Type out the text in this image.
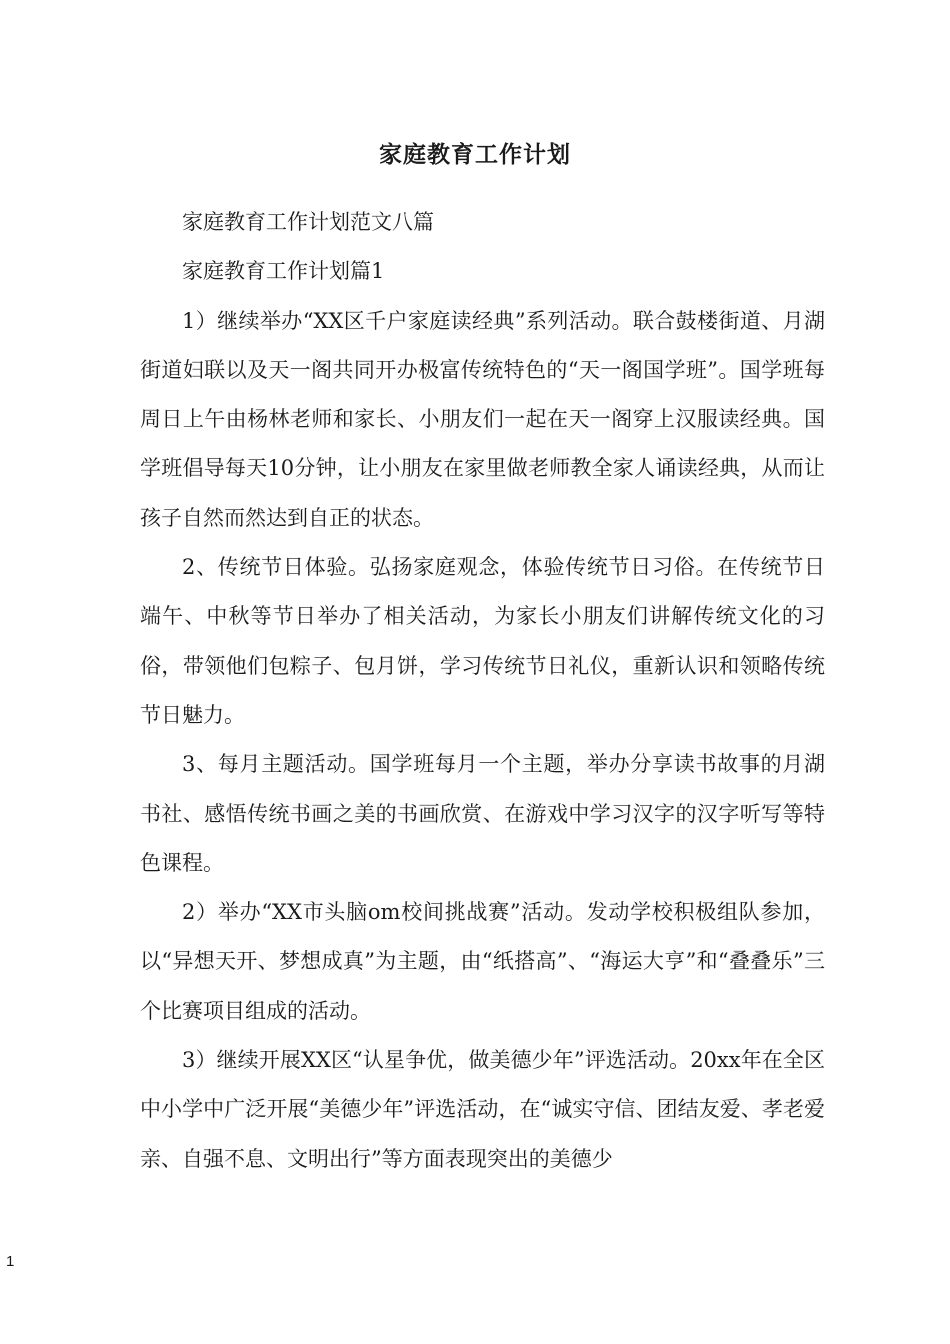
家庭教育工作计划

家庭教育工作计划范文八篇

家庭教育工作计划篇1

1）继续举办“XX区千户家庭读经典”系列活动。联合鼓楼街道、月湖街道妇联以及天一阁共同开办极富传统特色的“天一阁国学班”。国学班每周日上午由杨林老师和家长、小朋友们一起在天一阁穿上汉服读经典。国学班倡导每天10分钟，让小朋友在家里做老师教全家人诵读经典，从而让孩子自然而然达到自正的状态。

2、传统节日体验。弘扬家庭观念，体验传统节日习俗。在传统节日端午、中秋等节日举办了相关活动，为家长小朋友们讲解传统文化的习俗，带领他们包粽子、包月饼，学习传统节日礼仪，重新认识和领略传统节日魅力。

3、每月主题活动。国学班每月一个主题，举办分享读书故事的月湖书社、感悟传统书画之美的书画欣赏、在游戏中学习汉字的汉字听写等特色课程。

2）举办“XX市头脑om校间挑战赛”活动。发动学校积极组队参加，以“异想天开、梦想成真”为主题，由“纸搭高”、“海运大亨”和“叠叠乐”三个比赛项目组成的活动。

3）继续开展XX区“认星争优，做美德少年”评选活动。20xx年在全区中小学中广泛开展“美德少年”评选活动，在“诚实守信、团结友爱、孝老爱亲、自强不息、文明出行”等方面表现突出的美德少

1
